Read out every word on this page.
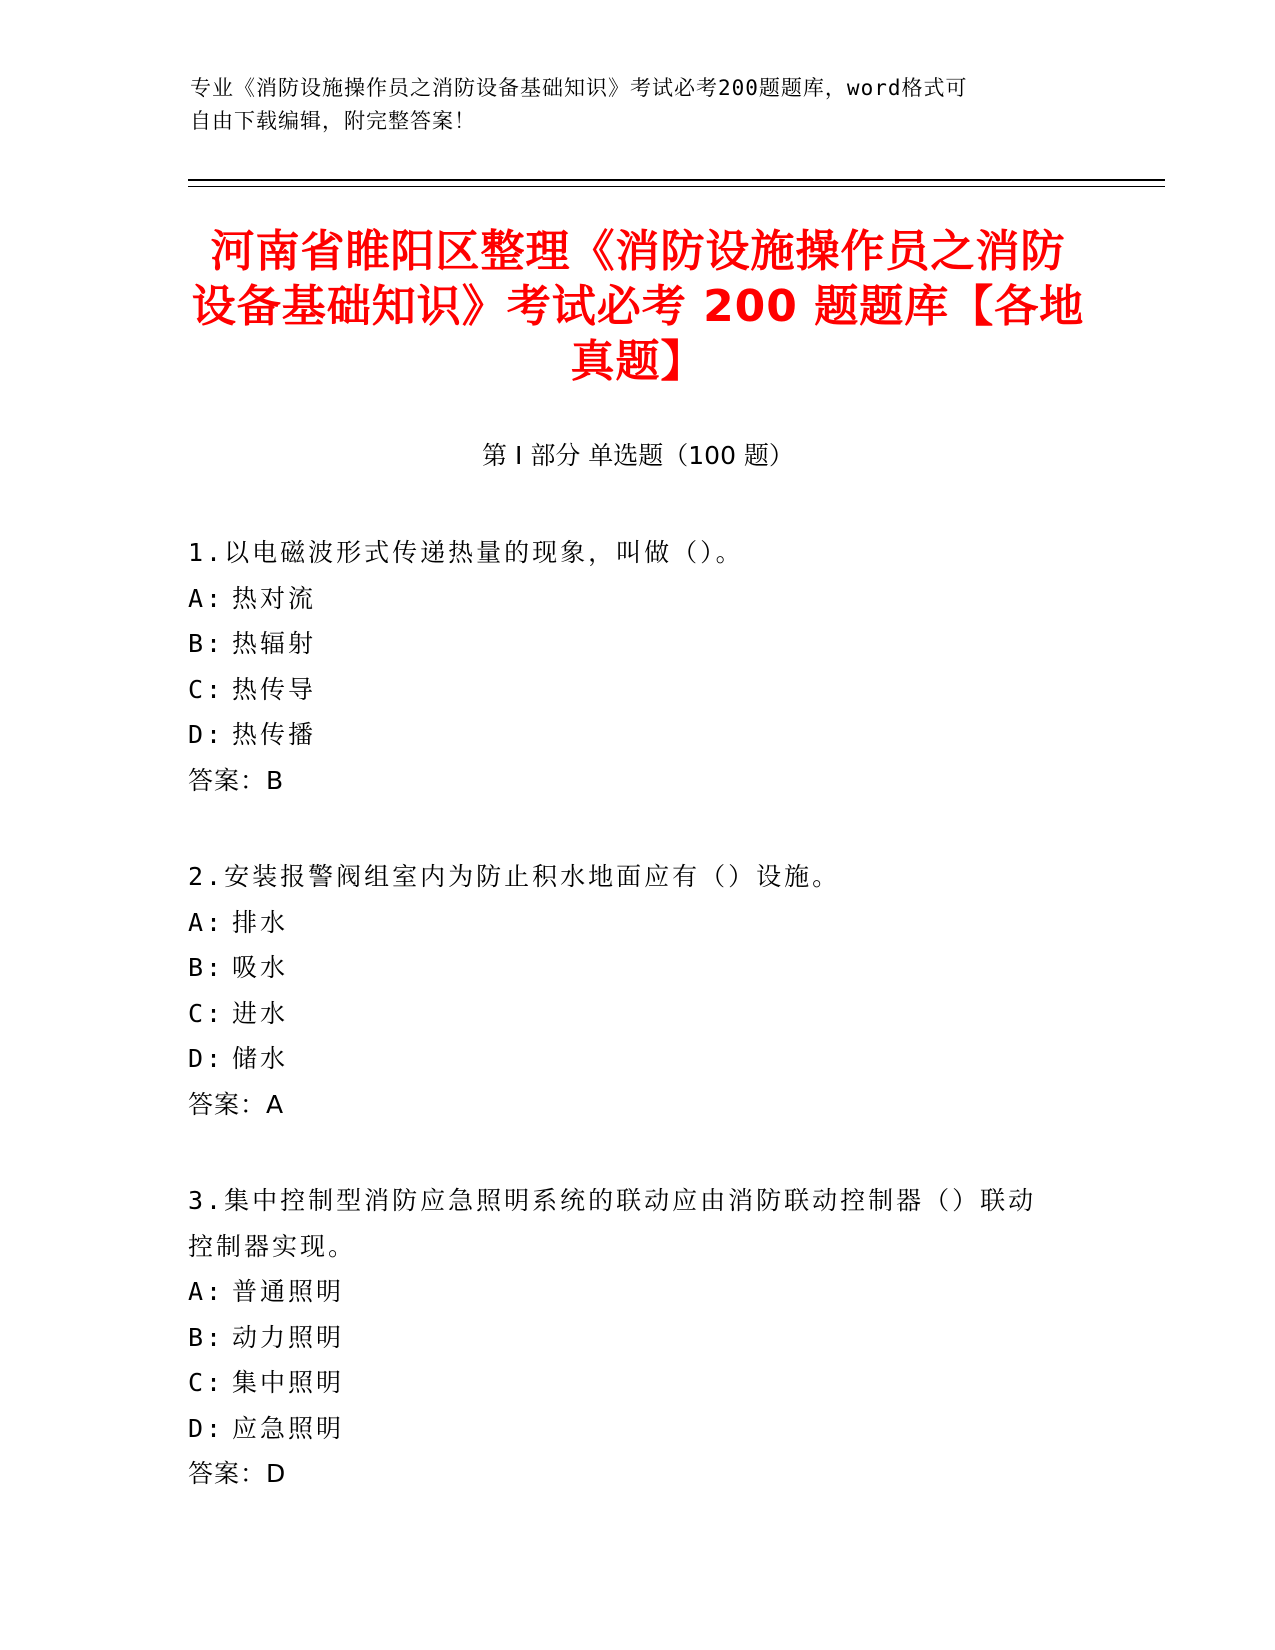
专业《消防设施操作员之消防设备基础知识》考试必考200题题库，word格式可
自由下载编辑，附完整答案！
河南省睢阳区整理《消防设施操作员之消防
设备基础知识》考试必考 200 题题库【各地
真题】
第 I 部分 单选题（100 题）
1.以电磁波形式传递热量的现象，叫做（）。
A: 热对流
B: 热辐射
C: 热传导
D: 热传播
答案：B
2.安装报警阀组室内为防止积水地面应有（）设施。
A: 排水
B: 吸水
C: 进水
D: 储水
答案：A
3.集中控制型消防应急照明系统的联动应由消防联动控制器（）联动
控制器实现。
A: 普通照明
B: 动力照明
C: 集中照明
D: 应急照明
答案：D
